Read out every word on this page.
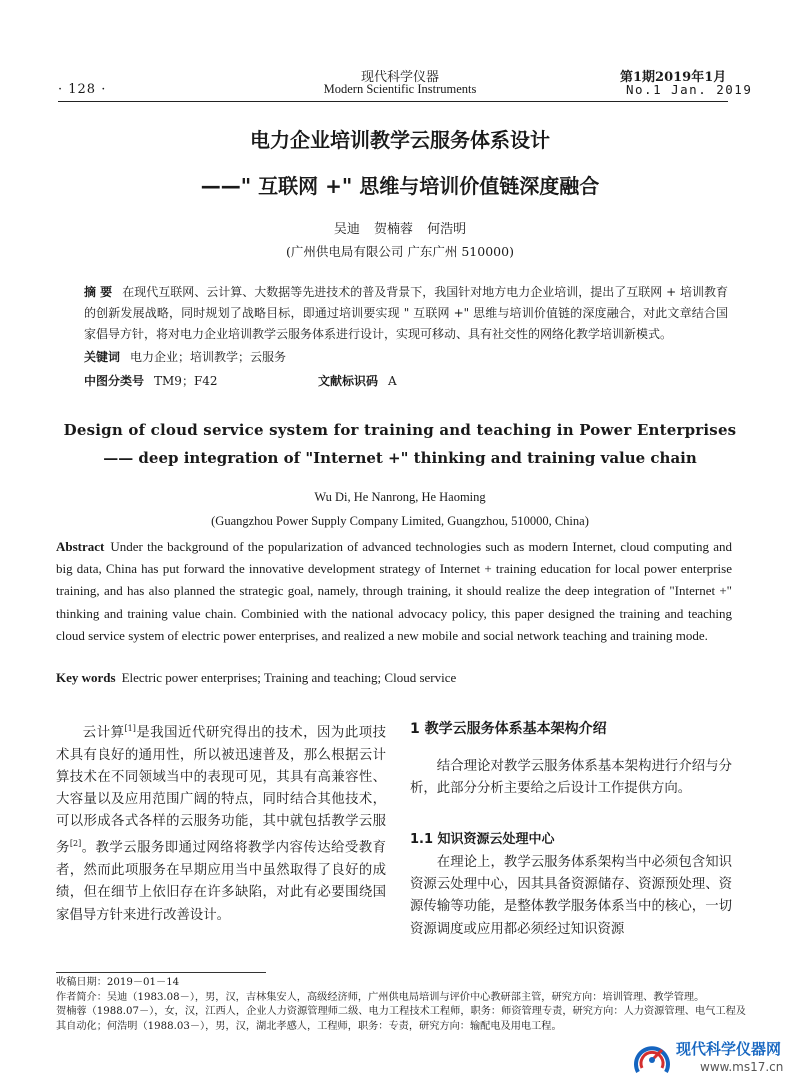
· 128 ·
现代科学仪器
Modern Scientific Instruments
第1期2019年1月
No.1 Jan. 2019
电力企业培训教学云服务体系设计
——" 互联网 +" 思维与培训价值链深度融合
吴迪 贺楠蓉 何浩明
(广州供电局有限公司 广东广州 510000)
摘 要 在现代互联网、云计算、大数据等先进技术的普及背景下，我国针对地方电力企业培训，提出了互联网 + 培训教育的创新发展战略，同时规划了战略目标，即通过培训要实现 " 互联网 +" 思维与培训价值链的深度融合，对此文章结合国家倡导方针，将对电力企业培训教学云服务体系进行设计，实现可移动、具有社交性的网络化教学培训新模式。
关键词 电力企业；培训教学；云服务
中图分类号 TM9；F42	文献标识码 A
Design of cloud service system for training and teaching in Power Enterprises
—— deep integration of "Internet +" thinking and training value chain
Wu Di, He Nanrong, He Haoming
(Guangzhou Power Supply Company Limited, Guangzhou, 510000, China)
Abstract Under the background of the popularization of advanced technologies such as modern Internet, cloud computing and big data, China has put forward the innovative development strategy of Internet + training education for local power enterprise training, and has also planned the strategic goal, namely, through training, it should realize the deep integration of "Internet +" thinking and training value chain. Combinied with the national advocacy policy, this paper designed the training and teaching cloud service system of electric power enterprises, and realized a new mobile and social network teaching and training mode.
Key words Electric power enterprises; Training and teaching; Cloud service
云计算[1]是我国近代研究得出的技术，因为此项技术具有良好的通用性，所以被迅速普及，那么根据云计算技术在不同领域当中的表现可见，其具有高兼容性、大容量以及应用范围广阔的特点，同时结合其他技术，可以形成各式各样的云服务功能，其中就包括教学云服务[2]。教学云服务即通过网络将教学内容传达给受教育者，然而此项服务在早期应用当中虽然取得了良好的成绩，但在细节上依旧存在许多缺陷，对此有必要围绕国家倡导方针来进行改善设计。
1 教学云服务体系基本架构介绍
结合理论对教学云服务体系基本架构进行介绍与分析，此部分分析主要给之后设计工作提供方向。
1.1 知识资源云处理中心
在理论上，教学云服务体系架构当中必须包含知识资源云处理中心，因其具备资源储存、资源预处理、资源传输等功能，是整体教学服务体系当中的核心，一切资源调度或应用都必须经过知识资源
收稿日期：2019－01－14
作者简介：吴迪（1983.08－），男，汉，吉林集安人，高级经济师，广州供电局培训与评价中心教研部主管，研究方向：培训管理、教学管理。
贺楠蓉（1988.07－），女，汉，江西人，企业人力资源管理师二级、电力工程技术工程师，职务：师资管理专责，研究方向：人力资源管理、电气工程及其自动化；何浩明（1988.03－），男，汉，湖北孝感人，工程师，职务：专责，研究方向：输配电及用电工程。
现代科学仪器网
www.ms17.cn
